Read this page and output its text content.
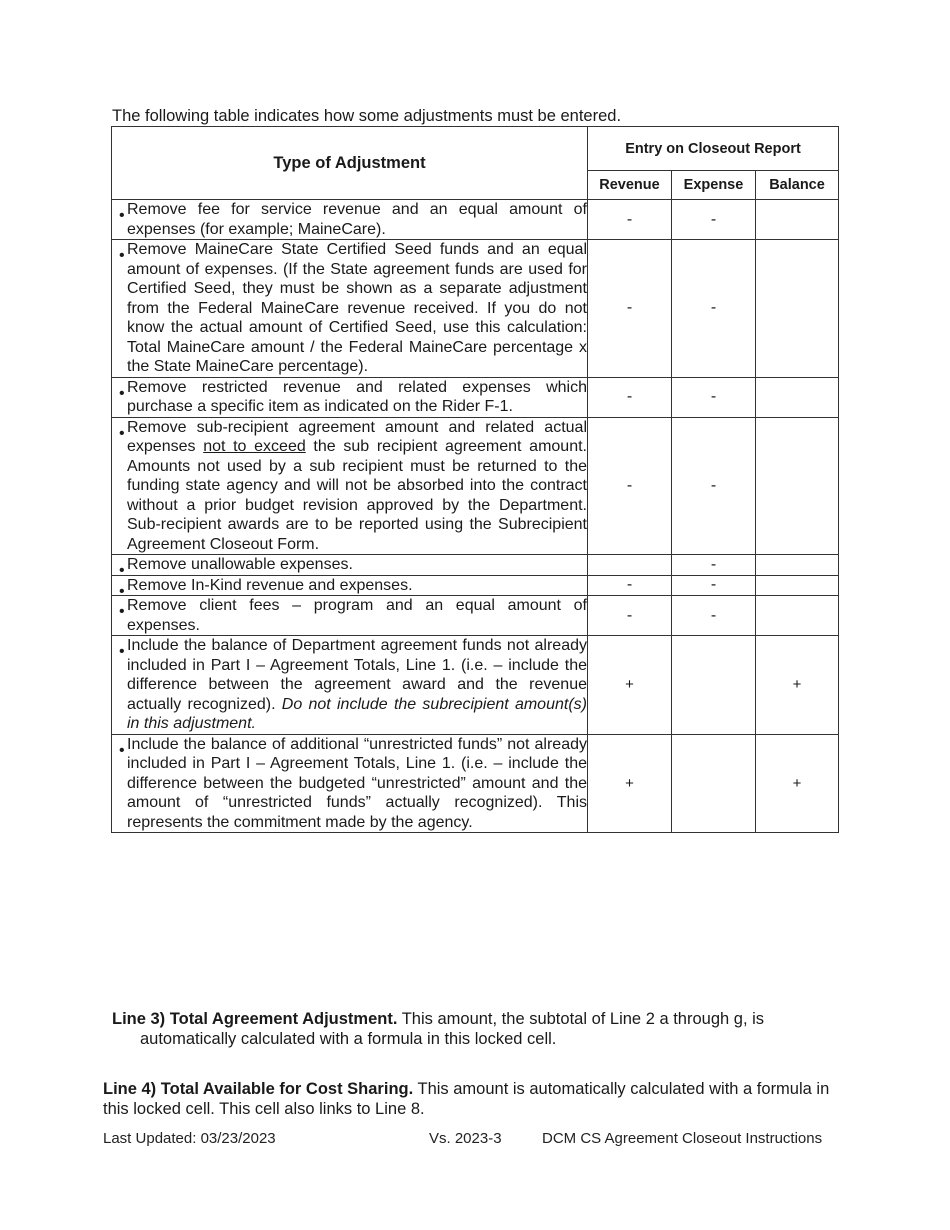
The following table indicates how some adjustments must be entered.
Type of Adjustment	Entry on Closeout Report		
	Revenue	Expense	Balance

• Remove fee for service revenue and an equal amount of expenses (for example; MaineCare).	-	-	

• Remove MaineCare State Certified Seed funds and an equal amount of expenses. (If the State agreement funds are used for Certified Seed, they must be shown as a separate adjustment from the Federal MaineCare revenue received. If you do not know the actual amount of Certified Seed, use this calculation: Total MaineCare amount / the Federal MaineCare percentage x the State MaineCare percentage).	-	-	

• Remove restricted revenue and related expenses which purchase a specific item as indicated on the Rider F-1.	-	-	

• Remove sub-recipient agreement amount and related actual expenses not to exceed the sub recipient agreement amount. Amounts not used by a sub recipient must be returned to the funding state agency and will not be absorbed into the contract without a prior budget revision approved by the Department. Sub-recipient awards are to be reported using the Subrecipient Agreement Closeout Form.	-	-	

• Remove unallowable expenses.		-	

• Remove In-Kind revenue and expenses.	-	-	

• Remove client fees – program and an equal amount of expenses.	-	-	

• Include the balance of Department agreement funds not already included in Part I – Agreement Totals, Line 1. (i.e. – include the difference between the agreement award and the revenue actually recognized). Do not include the subrecipient amount(s) in this adjustment.	+		+

• Include the balance of additional “unrestricted funds” not already included in Part I – Agreement Totals, Line 1. (i.e. – include the difference between the budgeted “unrestricted” amount and the amount of “unrestricted funds” actually recognized). This represents the commitment made by the agency.	+		+
Line 3) Total Agreement Adjustment. This amount, the subtotal of Line 2 a through g, is
automatically calculated with a formula in this locked cell.
Line 4) Total Available for Cost Sharing. This amount is automatically calculated with a formula in this locked cell. This cell also links to Line 8.
Last Updated: 03/23/2023	Vs. 2023-3	DCM CS Agreement Closeout Instructions
